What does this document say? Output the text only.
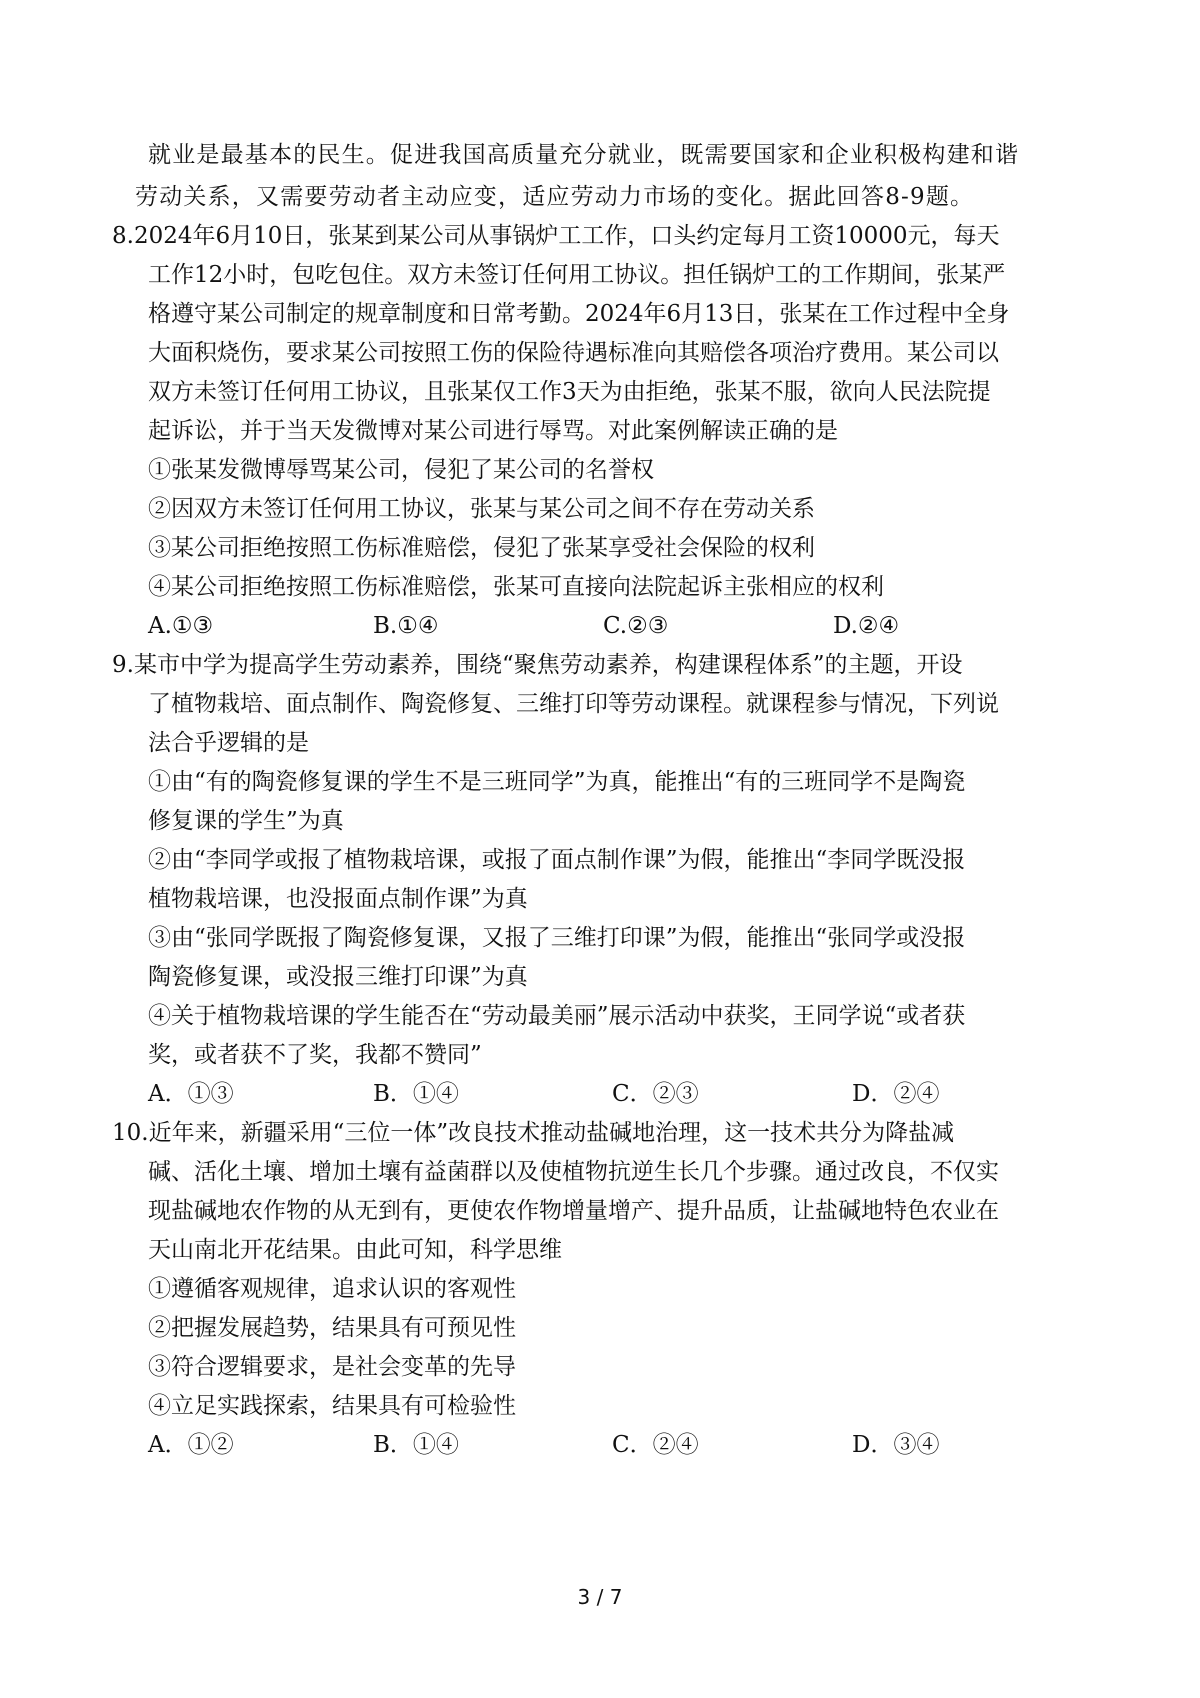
就业是最基本的民生。促进我国高质量充分就业，既需要国家和企业积极构建和谐
劳动关系，又需要劳动者主动应变，适应劳动力市场的变化。据此回答8-9题。
8.2024年6月10日，张某到某公司从事锅炉工工作，口头约定每月工资10000元，每天
工作12小时，包吃包住。双方未签订任何用工协议。担任锅炉工的工作期间，张某严
格遵守某公司制定的规章制度和日常考勤。2024年6月13日，张某在工作过程中全身
大面积烧伤，要求某公司按照工伤的保险待遇标准向其赔偿各项治疗费用。某公司以
双方未签订任何用工协议，且张某仅工作3天为由拒绝，张某不服，欲向人民法院提
起诉讼，并于当天发微博对某公司进行辱骂。对此案例解读正确的是
①张某发微博辱骂某公司，侵犯了某公司的名誉权
②因双方未签订任何用工协议，张某与某公司之间不存在劳动关系
③某公司拒绝按照工伤标准赔偿，侵犯了张某享受社会保险的权利
④某公司拒绝按照工伤标准赔偿，张某可直接向法院起诉主张相应的权利
A.①③	B.①④	C.②③	D.②④
9.某市中学为提高学生劳动素养，围绕“聚焦劳动素养，构建课程体系”的主题，开设
了植物栽培、面点制作、陶瓷修复、三维打印等劳动课程。就课程参与情况，下列说
法合乎逻辑的是
①由“有的陶瓷修复课的学生不是三班同学”为真，能推出“有的三班同学不是陶瓷
修复课的学生”为真
②由“李同学或报了植物栽培课，或报了面点制作课”为假，能推出“李同学既没报
植物栽培课，也没报面点制作课”为真
③由“张同学既报了陶瓷修复课，又报了三维打印课”为假，能推出“张同学或没报
陶瓷修复课，或没报三维打印课”为真
④关于植物栽培课的学生能否在“劳动最美丽”展示活动中获奖，王同学说“或者获
奖，或者获不了奖，我都不赞同”
A．①③	B．①④	C．②③	D．②④
10.近年来，新疆采用“三位一体”改良技术推动盐碱地治理，这一技术共分为降盐减
碱、活化土壤、增加土壤有益菌群以及使植物抗逆生长几个步骤。通过改良，不仅实
现盐碱地农作物的从无到有，更使农作物增量增产、提升品质，让盐碱地特色农业在
天山南北开花结果。由此可知，科学思维
①遵循客观规律，追求认识的客观性
②把握发展趋势，结果具有可预见性
③符合逻辑要求，是社会变革的先导
④立足实践探索，结果具有可检验性
A．①②	B．①④	C．②④	D．③④
3 / 7
